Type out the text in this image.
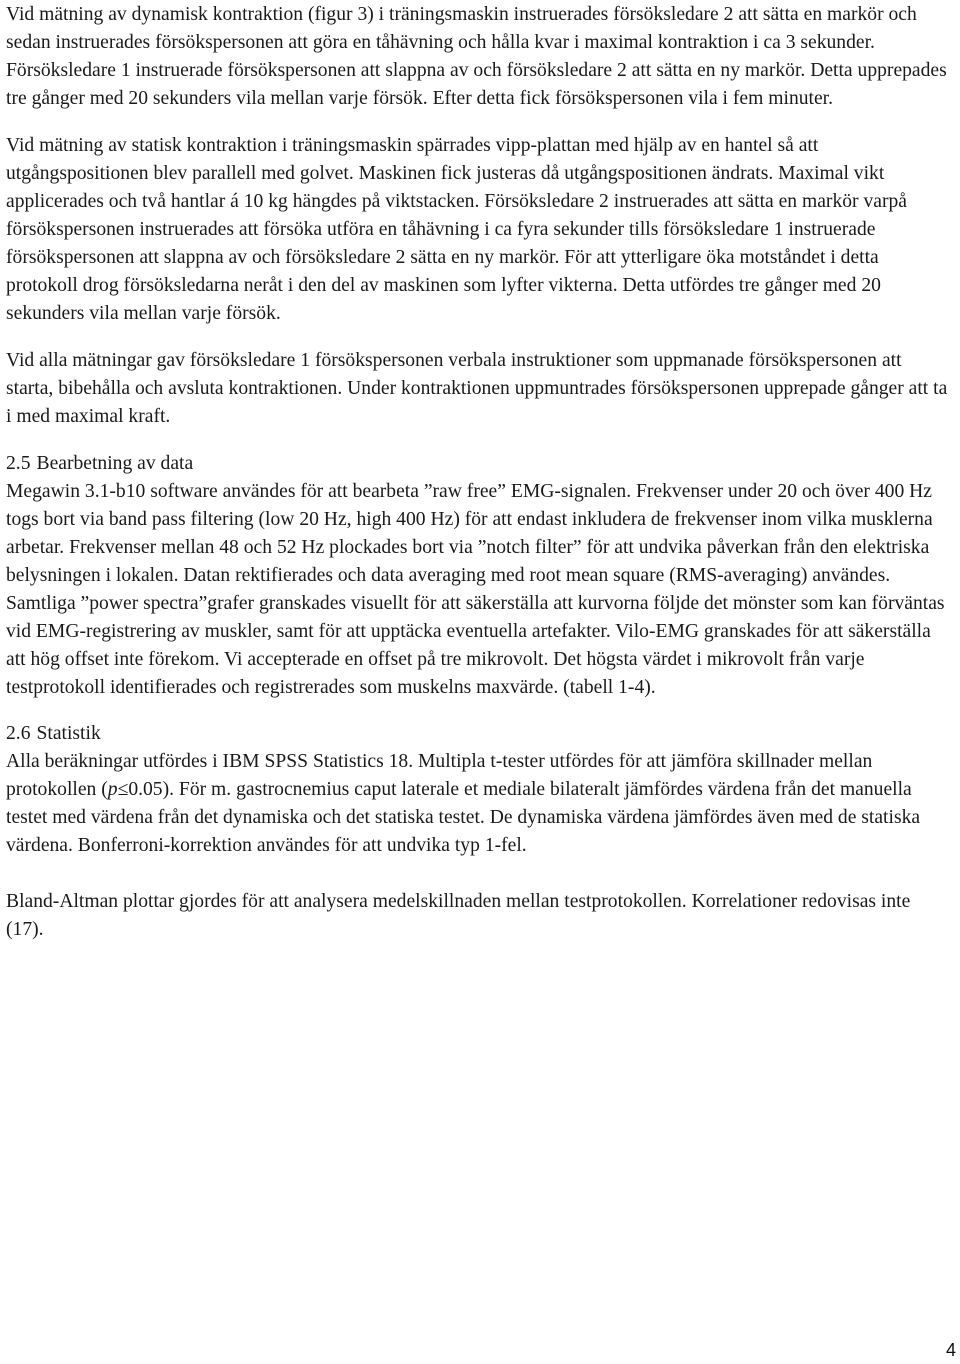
Vid mätning av dynamisk kontraktion (figur 3) i träningsmaskin instruerades försöksledare 2 att sätta en markör och sedan instruerades försökspersonen att göra en tåhävning och hålla kvar i maximal kontraktion i ca 3 sekunder. Försöksledare 1 instruerade försökspersonen att slappna av och försöksledare 2 att sätta en ny markör. Detta upprepades tre gånger med 20 sekunders vila mellan varje försök. Efter detta fick försökspersonen vila i fem minuter.

Vid mätning av statisk kontraktion i träningsmaskin spärrades vipp-plattan med hjälp av en hantel så att utgångspositionen blev parallell med golvet. Maskinen fick justeras då utgångspositionen ändrats. Maximal vikt applicerades och två hantlar á 10 kg hängdes på viktstacken. Försöksledare 2 instruerades att sätta en markör varpå försökspersonen instruerades att försöka utföra en tåhävning i ca fyra sekunder tills försöksledare 1 instruerade försökspersonen att slappna av och försöksledare 2 sätta en ny markör. För att ytterligare öka motståndet i detta protokoll drog försöksledarna neråt i den del av maskinen som lyfter vikterna. Detta utfördes tre gånger med 20 sekunders vila mellan varje försök.

Vid alla mätningar gav försöksledare 1 försökspersonen verbala instruktioner som uppmanade försökspersonen att starta, bibehålla och avsluta kontraktionen. Under kontraktionen uppmuntrades försökspersonen upprepade gånger att ta i med maximal kraft.

2.5 Bearbetning av data

Megawin 3.1-b10 software användes för att bearbeta ”raw free” EMG-signalen. Frekvenser under 20 och över 400 Hz togs bort via band pass filtering (low 20 Hz, high 400 Hz) för att endast inkludera de frekvenser inom vilka musklerna arbetar. Frekvenser mellan 48 och 52 Hz plockades bort via ”notch filter” för att undvika påverkan från den elektriska belysningen i lokalen. Datan rektifierades och data averaging med root mean square (RMS-averaging) användes. Samtliga ”power spectra”grafer granskades visuellt för att säkerställa att kurvorna följde det mönster som kan förväntas vid EMG-registrering av muskler, samt för att upptäcka eventuella artefakter. Vilo-EMG granskades för att säkerställa att hög offset inte förekom. Vi accepterade en offset på tre mikrovolt. Det högsta värdet i mikrovolt från varje testprotokoll identifierades och registrerades som muskelns maxvärde. (tabell 1-4).

2.6 Statistik

Alla beräkningar utfördes i IBM SPSS Statistics 18. Multipla t-tester utfördes för att jämföra skillnader mellan protokollen (p≤0.05). För m. gastrocnemius caput laterale et mediale bilateralt jämfördes värdena från det manuella testet med värdena från det dynamiska och det statiska testet. De dynamiska värdena jämfördes även med de statiska värdena. Bonferroni-korrektion användes för att undvika typ 1-fel.

Bland-Altman plottar gjordes för att analysera medelskillnaden mellan testprotokollen. Korrelationer redovisas inte (17).

4
